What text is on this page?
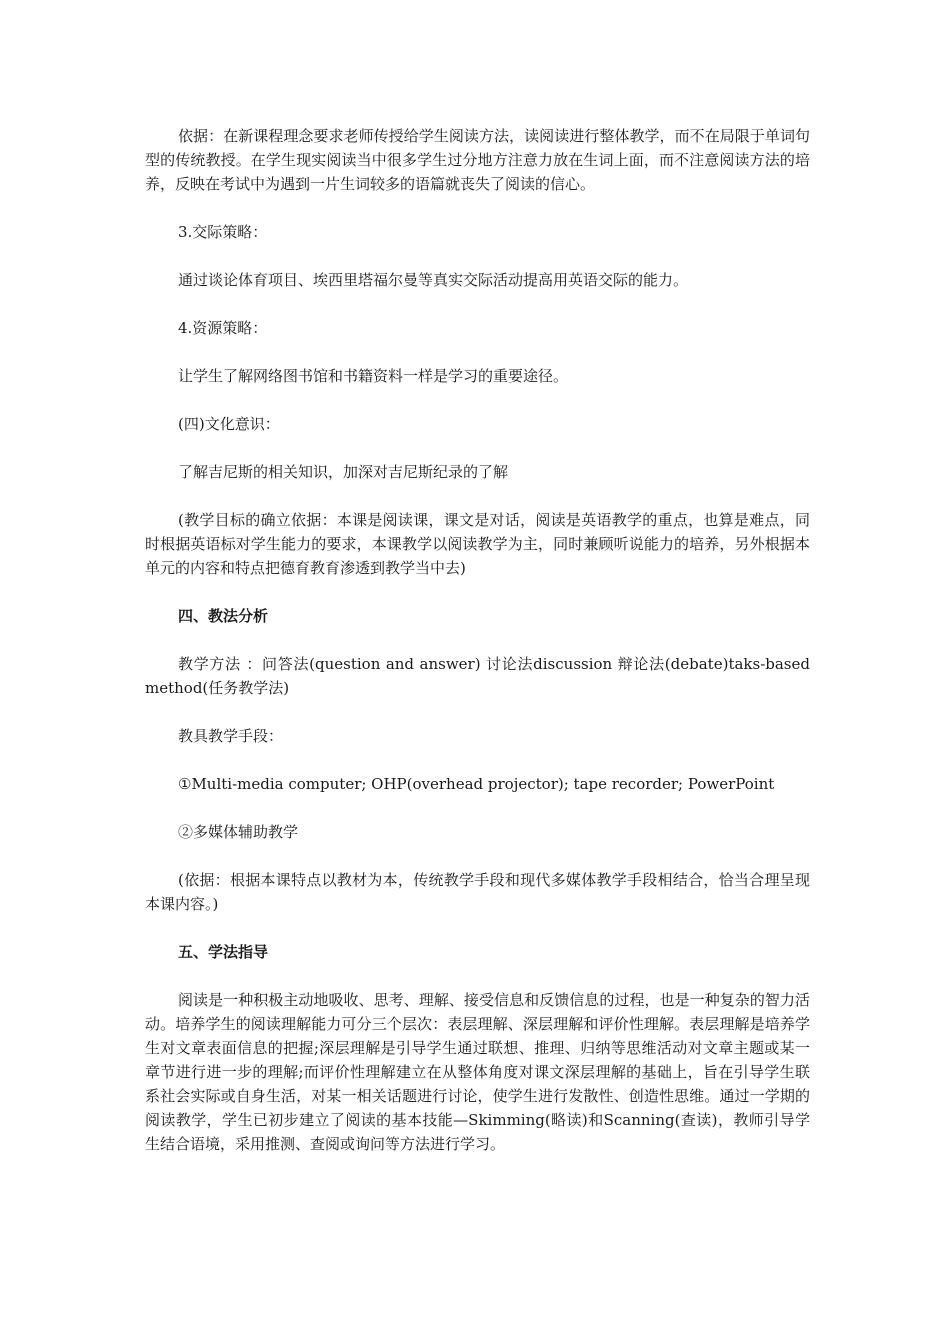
依据：在新课程理念要求老师传授给学生阅读方法，读阅读进行整体教学，而不在局限于单词句型的传统教授。在学生现实阅读当中很多学生过分地方注意力放在生词上面，而不注意阅读方法的培养，反映在考试中为遇到一片生词较多的语篇就丧失了阅读的信心。

3.交际策略：

通过谈论体育项目、埃西里塔福尔曼等真实交际活动提高用英语交际的能力。

4.资源策略：

让学生了解网络图书馆和书籍资料一样是学习的重要途径。

(四)文化意识：

了解吉尼斯的相关知识，加深对吉尼斯纪录的了解

(教学目标的确立依据：本课是阅读课，课文是对话，阅读是英语教学的重点，也算是难点，同时根据英语标对学生能力的要求，本课教学以阅读教学为主，同时兼顾听说能力的培养，另外根据本单元的内容和特点把德育教育渗透到教学当中去)

四、教法分析

教学方法 ：问答法(question and answer) 讨论法discussion 辩论法(debate)taks-based method(任务教学法)

教具教学手段：

①Multi-media computer; OHP(overhead projector); tape recorder; PowerPoint

②多媒体辅助教学

(依据：根据本课特点以教材为本，传统教学手段和现代多媒体教学手段相结合，恰当合理呈现本课内容。)

五、学法指导

阅读是一种积极主动地吸收、思考、理解、接受信息和反馈信息的过程，也是一种复杂的智力活动。培养学生的阅读理解能力可分三个层次：表层理解、深层理解和评价性理解。表层理解是培养学生对文章表面信息的把握;深层理解是引导学生通过联想、推理、归纳等思维活动对文章主题或某一章节进行进一步的理解;而评价性理解建立在从整体角度对课文深层理解的基础上，旨在引导学生联系社会实际或自身生活，对某一相关话题进行讨论，使学生进行发散性、创造性思维。通过一学期的阅读教学，学生已初步建立了阅读的基本技能—Skimming(略读)和Scanning(查读)，教师引导学生结合语境，采用推测、查阅或询问等方法进行学习。
